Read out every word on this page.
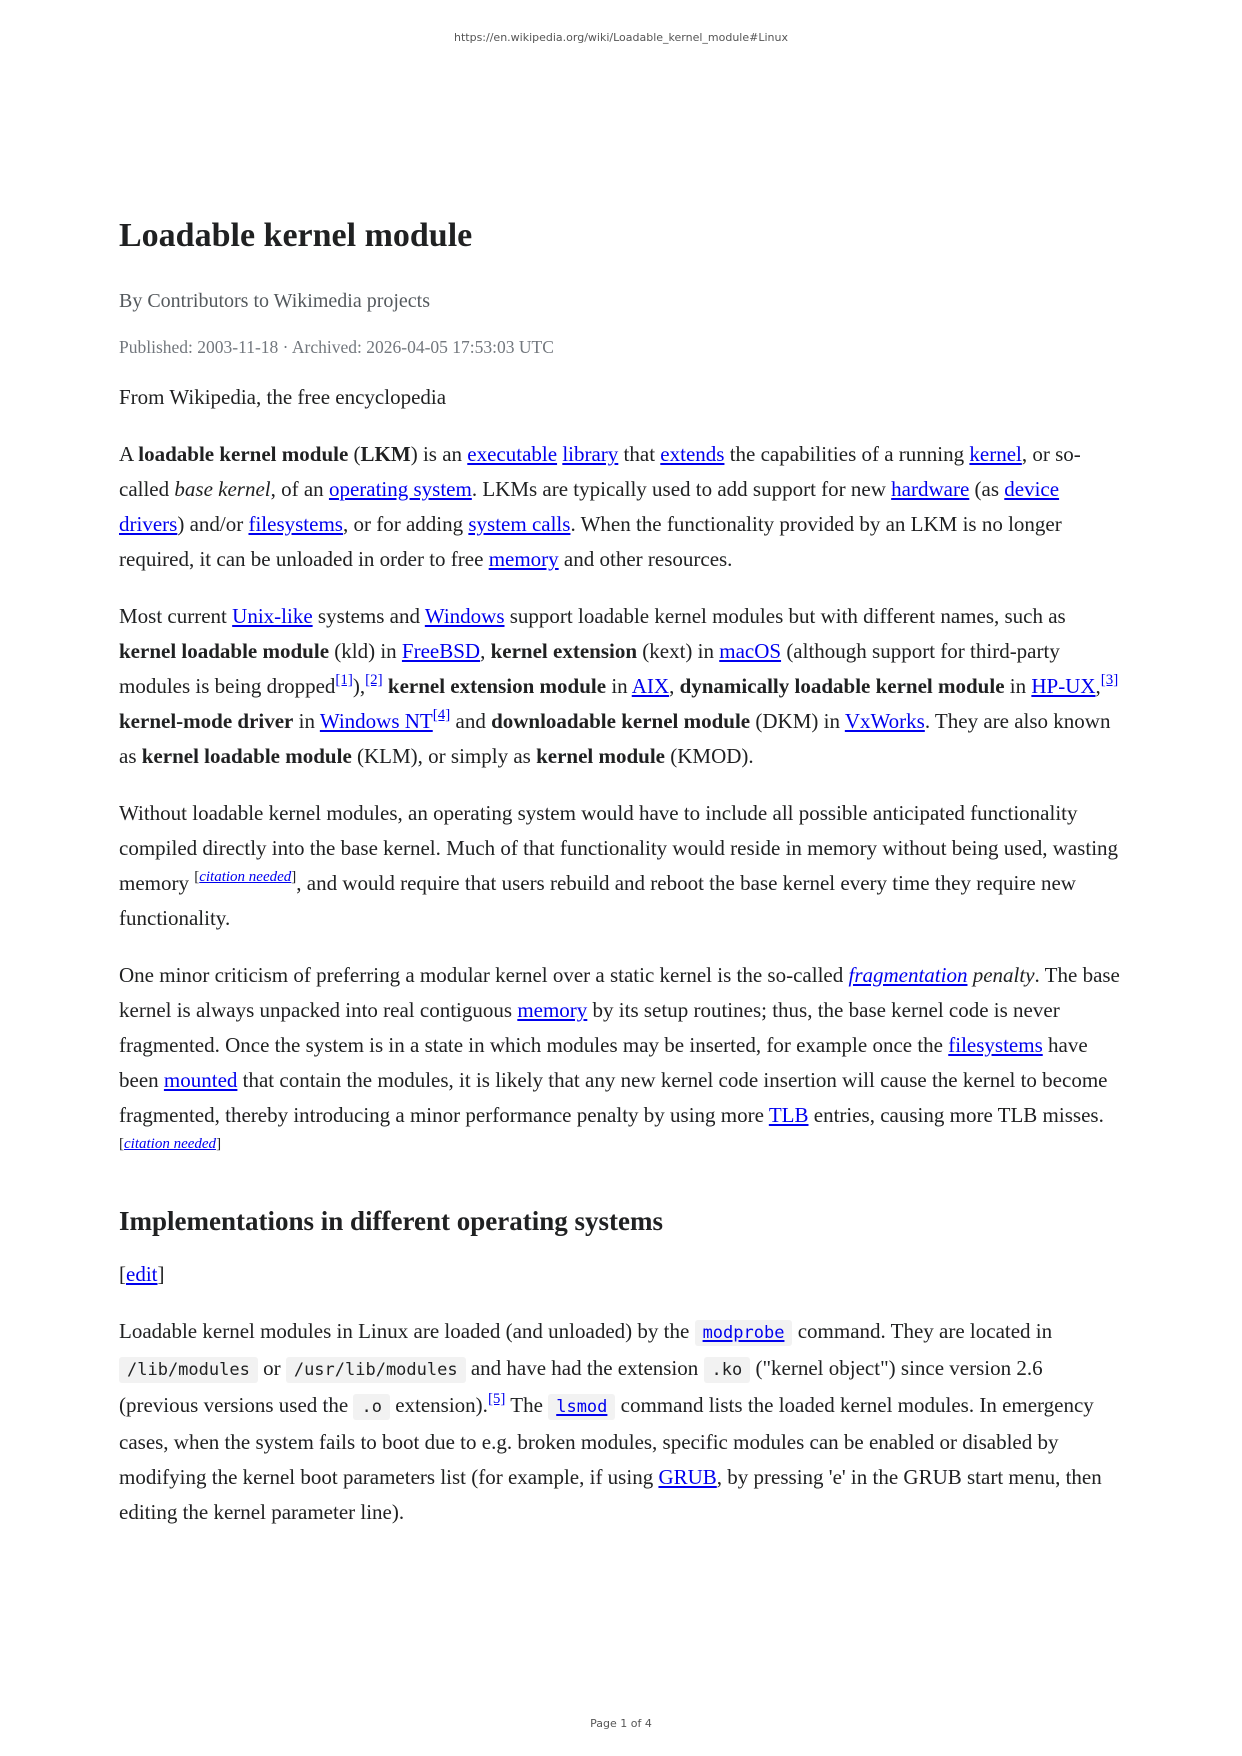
https://en.wikipedia.org/wiki/Loadable_kernel_module#Linux
Loadable kernel module
By Contributors to Wikimedia projects
Published: 2003-11-18 · Archived: 2026-04-05 17:53:03 UTC

From Wikipedia, the free encyclopedia

A loadable kernel module (LKM) is an executable library that extends the capabilities of a running kernel, or so-called base kernel, of an operating system. LKMs are typically used to add support for new hardware (as device drivers) and/or filesystems, or for adding system calls. When the functionality provided by an LKM is no longer required, it can be unloaded in order to free memory and other resources.

Most current Unix-like systems and Windows support loadable kernel modules but with different names, such as kernel loadable module (kld) in FreeBSD, kernel extension (kext) in macOS (although support for third-party modules is being dropped[1]),[2] kernel extension module in AIX, dynamically loadable kernel module in HP-UX,[3] kernel-mode driver in Windows NT[4] and downloadable kernel module (DKM) in VxWorks. They are also known as kernel loadable module (KLM), or simply as kernel module (KMOD).

Without loadable kernel modules, an operating system would have to include all possible anticipated functionality compiled directly into the base kernel. Much of that functionality would reside in memory without being used, wasting memory [citation needed], and would require that users rebuild and reboot the base kernel every time they require new functionality.

One minor criticism of preferring a modular kernel over a static kernel is the so-called fragmentation penalty. The base kernel is always unpacked into real contiguous memory by its setup routines; thus, the base kernel code is never fragmented. Once the system is in a state in which modules may be inserted, for example once the filesystems have been mounted that contain the modules, it is likely that any new kernel code insertion will cause the kernel to become fragmented, thereby introducing a minor performance penalty by using more TLB entries, causing more TLB misses.[citation needed]

Implementations in different operating systems

[edit]

Loadable kernel modules in Linux are loaded (and unloaded) by the modprobe command. They are located in /lib/modules or /usr/lib/modules and have had the extension .ko ("kernel object") since version 2.6 (previous versions used the .o extension).[5] The lsmod command lists the loaded kernel modules. In emergency cases, when the system fails to boot due to e.g. broken modules, specific modules can be enabled or disabled by modifying the kernel boot parameters list (for example, if using GRUB, by pressing 'e' in the GRUB start menu, then editing the kernel parameter line).

Page 1 of 4
